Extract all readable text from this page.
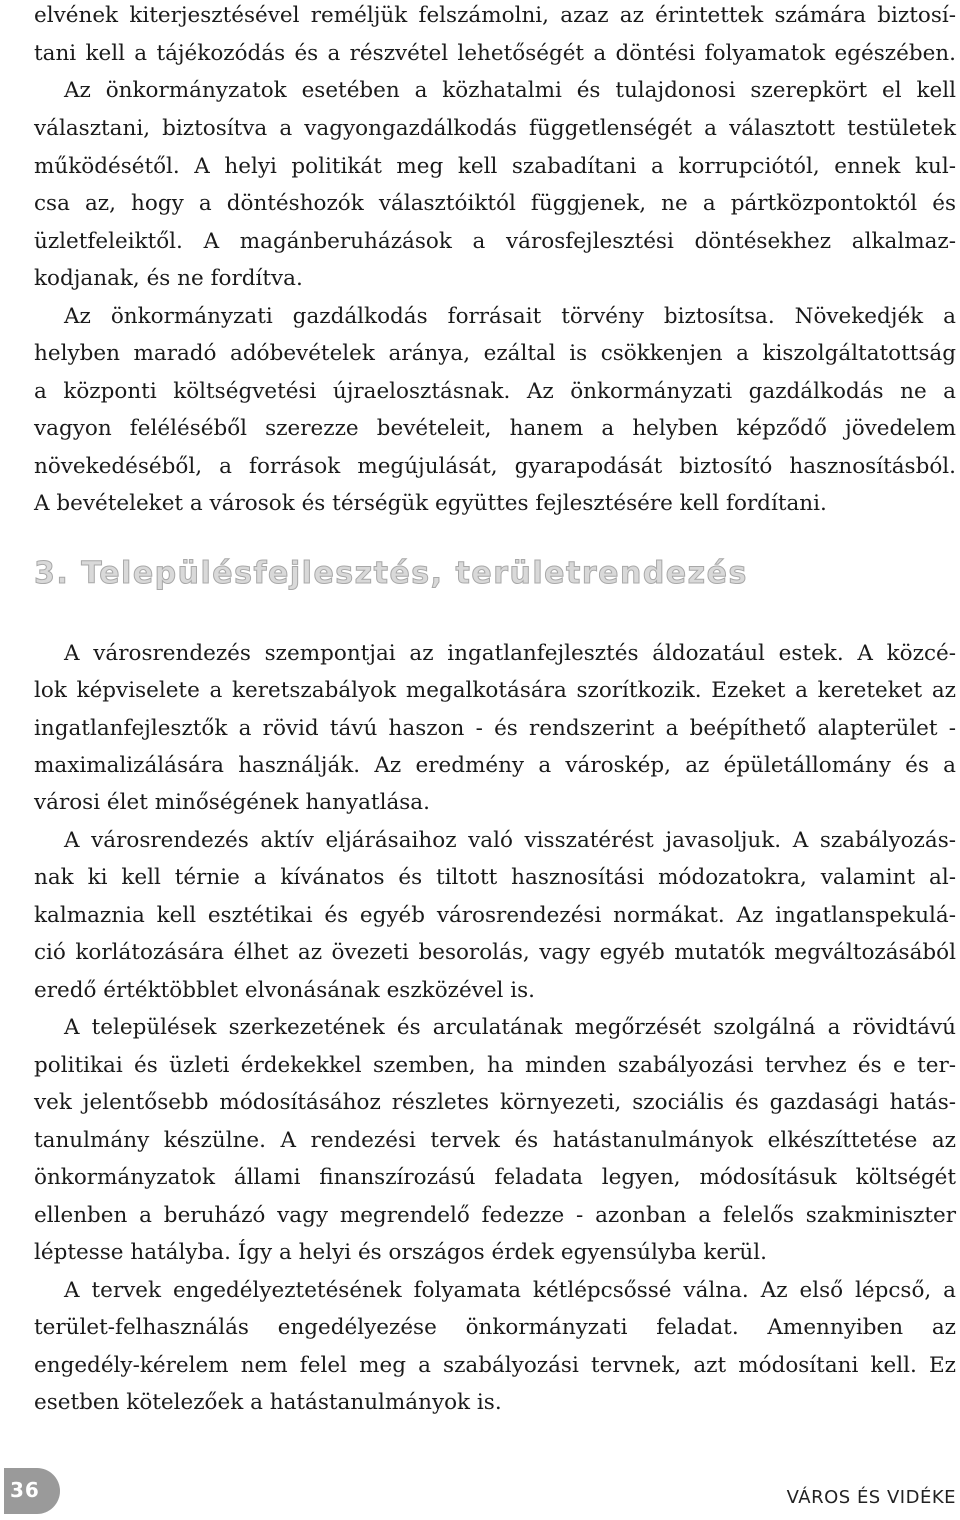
elvének kiterjesztésével reméljük felszámolni, azaz az érintettek számára biztosí-
tani kell a tájékozódás és a részvétel lehetőségét a döntési folyamatok egészében.
Az önkormányzatok esetében a közhatalmi és tulajdonosi szerepkört el kell
választani, biztosítva a vagyongazdálkodás függetlenségét a választott testületek
működésétől. A helyi politikát meg kell szabadítani a korrupciótól, ennek kul-
csa az, hogy a döntéshozók választóiktól függjenek, ne a pártközpontoktól és
üzletfeleiktől. A magánberuházások a városfejlesztési döntésekhez alkalmaz-
kodjanak, és ne fordítva.
Az önkormányzati gazdálkodás forrásait törvény biztosítsa. Növekedjék a
helyben maradó adóbevételek aránya, ezáltal is csökkenjen a kiszolgáltatottság
a központi költségvetési újraelosztásnak. Az önkormányzati gazdálkodás ne a
vagyon feléléséből szerezze bevételeit, hanem a helyben képződő jövedelem
növekedéséből, a források megújulását, gyarapodását biztosító hasznosításból.
A bevételeket a városok és térségük együttes fejlesztésére kell fordítani.
3. Településfejlesztés, területrendezés
A városrendezés szempontjai az ingatlanfejlesztés áldozatául estek. A közcé-
lok képviselete a keretszabályok megalkotására szorítkozik. Ezeket a kereteket az
ingatlanfejlesztők a rövid távú haszon - és rendszerint a beépíthető alapterület -
maximalizálására használják. Az eredmény a városkép, az épületállomány és a
városi élet minőségének hanyatlása.
A városrendezés aktív eljárásaihoz való visszatérést javasoljuk. A szabályozás-
nak ki kell térnie a kívánatos és tiltott hasznosítási módozatokra, valamint al-
kalmaznia kell esztétikai és egyéb városrendezési normákat. Az ingatlanspekulá-
ció korlátozására élhet az övezeti besorolás, vagy egyéb mutatók megváltozásából
eredő értéktöbblet elvonásának eszközével is.
A települések szerkezetének és arculatának megőrzését szolgálná a rövidtávú
politikai és üzleti érdekekkel szemben, ha minden szabályozási tervhez és e ter-
vek jelentősebb módosításához részletes környezeti, szociális és gazdasági hatás-
tanulmány készülne. A rendezési tervek és hatástanulmányok elkészíttetése az
önkormányzatok állami finanszírozású feladata legyen, módosításuk költségét
ellenben a beruházó vagy megrendelő fedezze - azonban a felelős szakminiszter
léptesse hatályba. Így a helyi és országos érdek egyensúlyba kerül.
A tervek engedélyeztetésének folyamata kétlépcsőssé válna. Az első lépcső, a
terület-felhasználás engedélyezése önkormányzati feladat. Amennyiben az
engedély-kérelem nem felel meg a szabályozási tervnek, azt módosítani kell. Ez
esetben kötelezőek a hatástanulmányok is.
36	VÁROS ÉS VIDÉKE
